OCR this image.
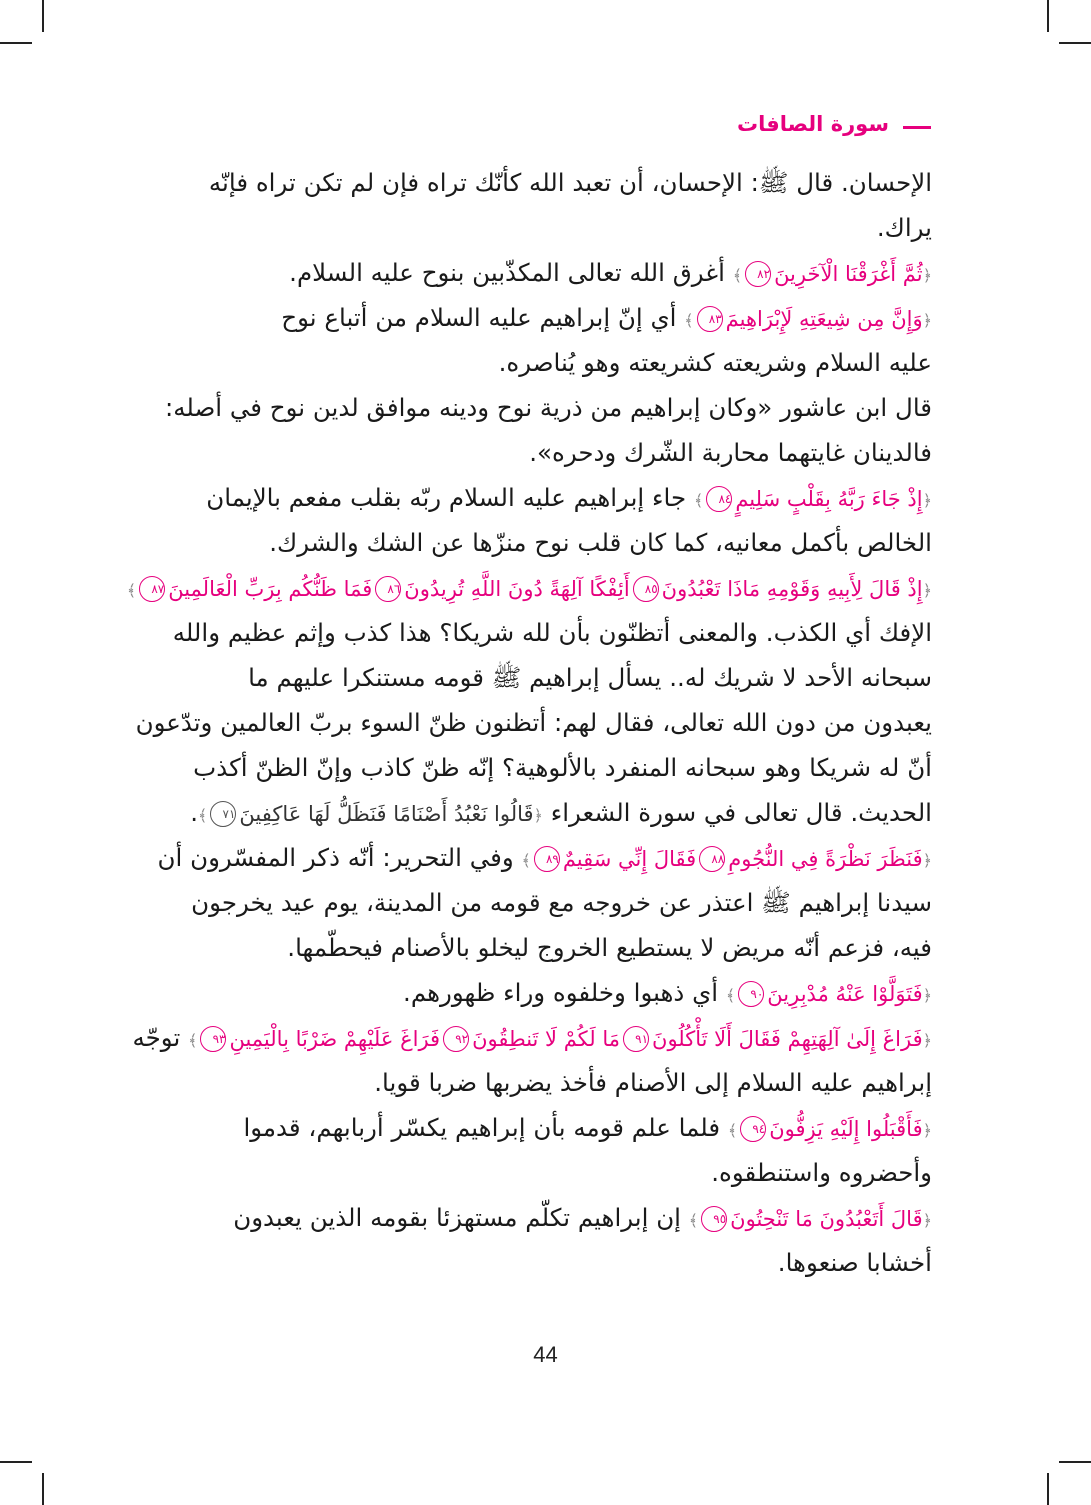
سورة الصافات
الإحسان. قال ﷺ: الإحسان، أن تعبد الله كأنّك تراه فإن لم تكن تراه فإنّه
يراك.
﴿ثُمَّ أَغْرَقْنَا الْآخَرِينَ٨٢﴾ أغرق الله تعالى المكذّبين بنوح عليه السلام.
﴿وَإِنَّ مِن شِيعَتِهِ لَإِبْرَاهِيمَ٨٣﴾ أي إنّ إبراهيم عليه السلام من أتباع نوح
عليه السلام وشريعته كشريعته وهو يُناصره.
قال ابن عاشور «وكان إبراهيم من ذرية نوح ودينه موافق لدين نوح في أصله:
فالدينان غايتهما محاربة الشّرك ودحره».
﴿إِذْ جَاءَ رَبَّهُ بِقَلْبٍ سَلِيمٍ٨٤﴾ جاء إبراهيم عليه السلام ربّه بقلب مفعم بالإيمان
الخالص بأكمل معانيه، كما كان قلب نوح منزّها عن الشك والشرك.
﴿إِذْ قَالَ لِأَبِيهِ وَقَوْمِهِ مَاذَا تَعْبُدُونَ٨٥أَئِفْكًا آلِهَةً دُونَ اللَّهِ تُرِيدُونَ٨٦فَمَا ظَنُّكُم بِرَبِّ الْعَالَمِينَ٨٧﴾
الإفك أي الكذب. والمعنى أتظنّون بأن لله شريكا؟ هذا كذب وإثم عظيم والله
سبحانه الأحد لا شريك له.. يسأل إبراهيم ﷺ قومه مستنكرا عليهم ما
يعبدون من دون الله تعالى، فقال لهم: أتظنون ظنّ السوء بربّ العالمين وتدّعون
أنّ له شريكا وهو سبحانه المنفرد بالألوهية؟ إنّه ظنّ كاذب وإنّ الظنّ أكذب
الحديث. قال تعالى في سورة الشعراء ﴿قَالُوا نَعْبُدُ أَصْنَامًا فَنَظَلُّ لَهَا عَاكِفِينَ٧١﴾.
﴿فَنَظَرَ نَظْرَةً فِي النُّجُومِ٨٨فَقَالَ إِنِّي سَقِيمٌ٨٩﴾ وفي التحرير: أنّه ذكر المفسّرون أن
سيدنا إبراهيم ﷺ اعتذر عن خروجه مع قومه من المدينة، يوم عيد يخرجون
فيه، فزعم أنّه مريض لا يستطيع الخروج ليخلو بالأصنام فيحطّمها.
﴿فَتَوَلَّوْا عَنْهُ مُدْبِرِينَ٩٠﴾ أي ذهبوا وخلفوه وراء ظهورهم.
﴿فَرَاغَ إِلَىٰ آلِهَتِهِمْ فَقَالَ أَلَا تَأْكُلُونَ٩١مَا لَكُمْ لَا تَنطِقُونَ٩٢فَرَاغَ عَلَيْهِمْ ضَرْبًا بِالْيَمِينِ٩٣﴾ توجّه
إبراهيم عليه السلام إلى الأصنام فأخذ يضربها ضربا قويا.
﴿فَأَقْبَلُوا إِلَيْهِ يَزِفُّونَ٩٤﴾ فلما علم قومه بأن إبراهيم يكسّر أربابهم، قدموا
وأحضروه واستنطقوه.
﴿قَالَ أَتَعْبُدُونَ مَا تَنْحِتُونَ٩٥﴾ إن إبراهيم تكلّم مستهزئا بقومه الذين يعبدون
أخشابا صنعوها.
44
